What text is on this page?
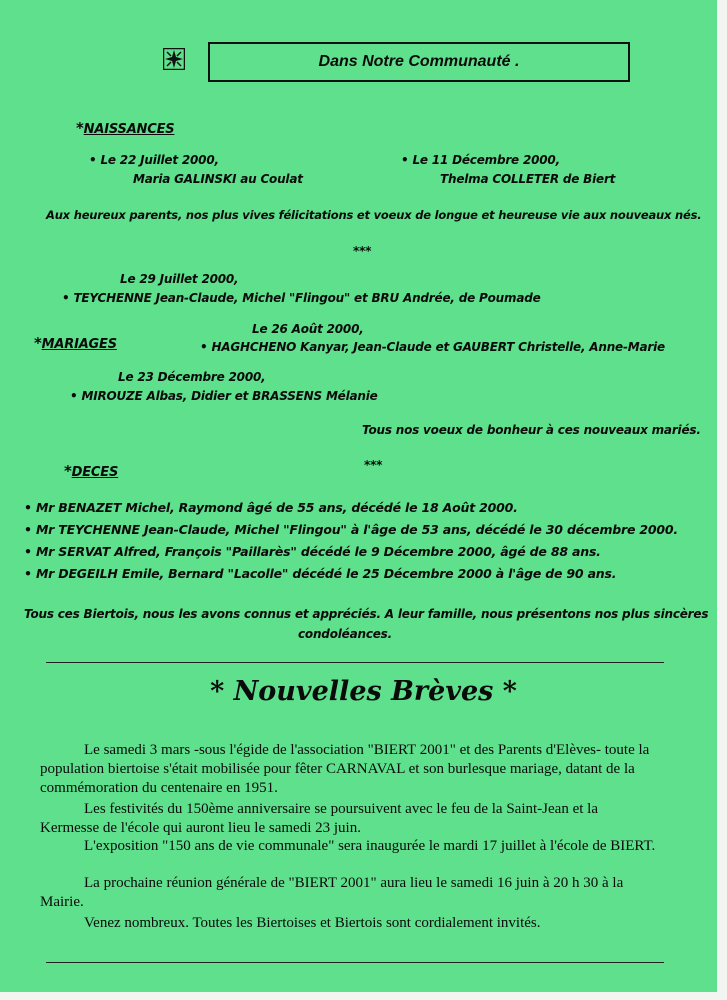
Dans Notre Communauté .
*NAISSANCES
• Le 22 Juillet 2000,
Maria GALINSKI au Coulat
• Le 11 Décembre 2000,
Thelma COLLETER de Biert
Aux heureux parents, nos plus vives félicitations et voeux de longue et heureuse vie aux nouveaux nés.
***
Le 29 Juillet 2000,
• TEYCHENNE Jean-Claude, Michel "Flingou" et BRU Andrée, de Poumade
*MARIAGES
Le 26 Août 2000,
• HAGHCHENO Kanyar, Jean-Claude et GAUBERT Christelle, Anne-Marie
Le 23 Décembre 2000,
• MIROUZE Albas, Didier et BRASSENS Mélanie
Tous nos voeux de bonheur à ces nouveaux mariés.
***
*DECES
• Mr BENAZET Michel, Raymond âgé de 55 ans, décédé le 18 Août 2000.
• Mr TEYCHENNE Jean-Claude, Michel "Flingou" à l'âge de 53 ans, décédé le 30 décembre 2000.
• Mr SERVAT Alfred, François "Paillarès" décédé le 9 Décembre 2000, âgé de 88 ans.
• Mr DEGEILH Emile, Bernard "Lacolle" décédé le 25 Décembre 2000 à l'âge de 90 ans.
Tous ces Biertois, nous les avons connus et appréciés. A leur famille, nous présentons nos plus sincères
condoléances.
* Nouvelles Brèves *
Le samedi 3 mars -sous l'égide de l'association "BIERT 2001" et des Parents d'Elèves- toute la population biertoise s'était mobilisée pour fêter CARNAVAL et son burlesque mariage, datant de la commémoration du centenaire en 1951.
Les festivités du 150ème anniversaire se poursuivent avec le feu de la Saint-Jean et la Kermesse de l'école qui auront lieu le samedi 23 juin.
L'exposition "150 ans de vie communale" sera inaugurée le mardi 17 juillet à l'école de BIERT.
La prochaine réunion générale de "BIERT 2001" aura lieu le samedi 16 juin à 20 h 30 à la Mairie.
Venez nombreux. Toutes les Biertoises et Biertois sont cordialement invités.
